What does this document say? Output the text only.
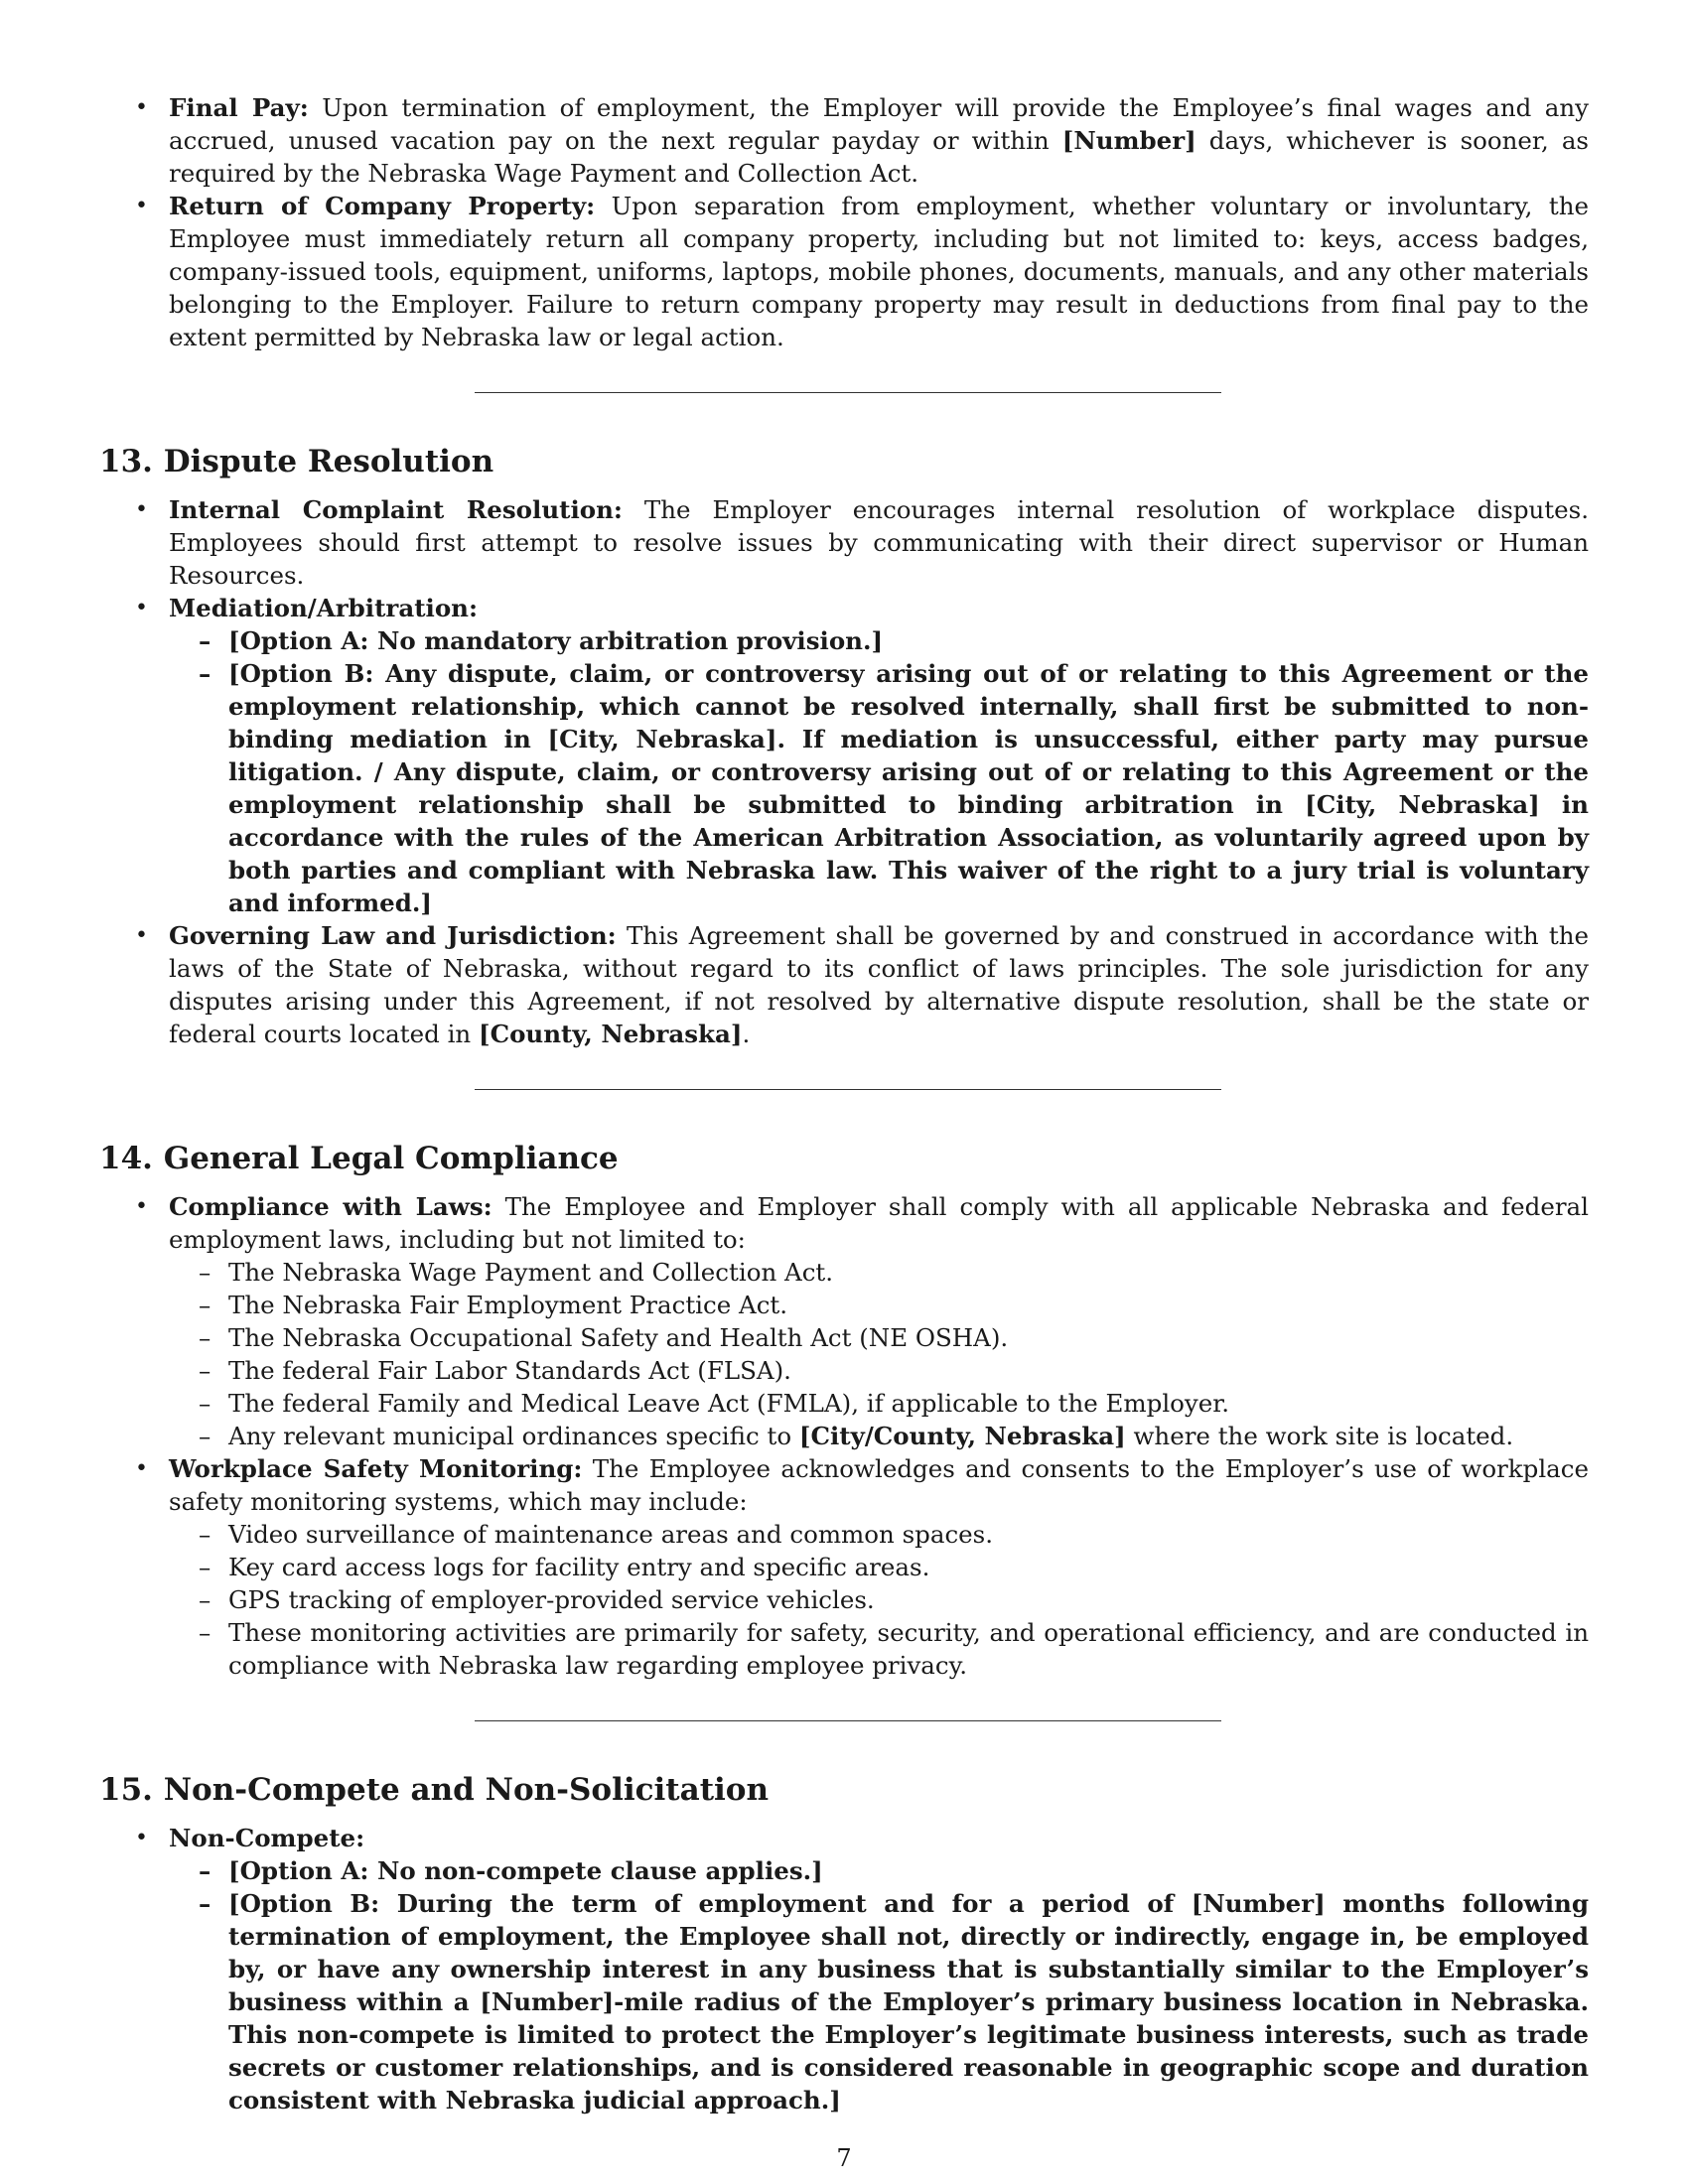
• Final Pay: Upon termination of employment, the Employer will provide the Employee’s final wages and any accrued, unused vacation pay on the next regular payday or within [Number] days, whichever is sooner, as required by the Nebraska Wage Payment and Collection Act.
• Return of Company Property: Upon separation from employment, whether voluntary or involuntary, the Employee must immediately return all company property, including but not limited to: keys, access badges, company-issued tools, equipment, uniforms, laptops, mobile phones, documents, manuals, and any other materials belonging to the Employer. Failure to return company property may result in deductions from final pay to the extent permitted by Nebraska law or legal action.
13. Dispute Resolution
• Internal Complaint Resolution: The Employer encourages internal resolution of workplace disputes. Employees should first attempt to resolve issues by communicating with their direct supervisor or Human Resources.
• Mediation/Arbitration:
– [Option A: No mandatory arbitration provision.]
– [Option B: Any dispute, claim, or controversy arising out of or relating to this Agreement or the employment relationship, which cannot be resolved internally, shall first be submitted to non-binding mediation in [City, Nebraska]. If mediation is unsuccessful, either party may pursue litigation. / Any dispute, claim, or controversy arising out of or relating to this Agreement or the employment relationship shall be submitted to binding arbitration in [City, Nebraska] in accordance with the rules of the American Arbitration Association, as voluntarily agreed upon by both parties and compliant with Nebraska law. This waiver of the right to a jury trial is voluntary and informed.]
• Governing Law and Jurisdiction: This Agreement shall be governed by and construed in accordance with the laws of the State of Nebraska, without regard to its conflict of laws principles. The sole jurisdiction for any disputes arising under this Agreement, if not resolved by alternative dispute resolution, shall be the state or federal courts located in [County, Nebraska].
14. General Legal Compliance
• Compliance with Laws: The Employee and Employer shall comply with all applicable Nebraska and federal employment laws, including but not limited to:
– The Nebraska Wage Payment and Collection Act.
– The Nebraska Fair Employment Practice Act.
– The Nebraska Occupational Safety and Health Act (NE OSHA).
– The federal Fair Labor Standards Act (FLSA).
– The federal Family and Medical Leave Act (FMLA), if applicable to the Employer.
– Any relevant municipal ordinances specific to [City/County, Nebraska] where the work site is located.
• Workplace Safety Monitoring: The Employee acknowledges and consents to the Employer’s use of workplace safety monitoring systems, which may include:
– Video surveillance of maintenance areas and common spaces.
– Key card access logs for facility entry and specific areas.
– GPS tracking of employer-provided service vehicles.
– These monitoring activities are primarily for safety, security, and operational efficiency, and are conducted in compliance with Nebraska law regarding employee privacy.
15. Non-Compete and Non-Solicitation
• Non-Compete:
– [Option A: No non-compete clause applies.]
– [Option B: During the term of employment and for a period of [Number] months following termination of employment, the Employee shall not, directly or indirectly, engage in, be employed by, or have any ownership interest in any business that is substantially similar to the Employer’s business within a [Number]-mile radius of the Employer’s primary business location in Nebraska. This non-compete is limited to protect the Employer’s legitimate business interests, such as trade secrets or customer relationships, and is considered reasonable in geographic scope and duration consistent with Nebraska judicial approach.]
7
